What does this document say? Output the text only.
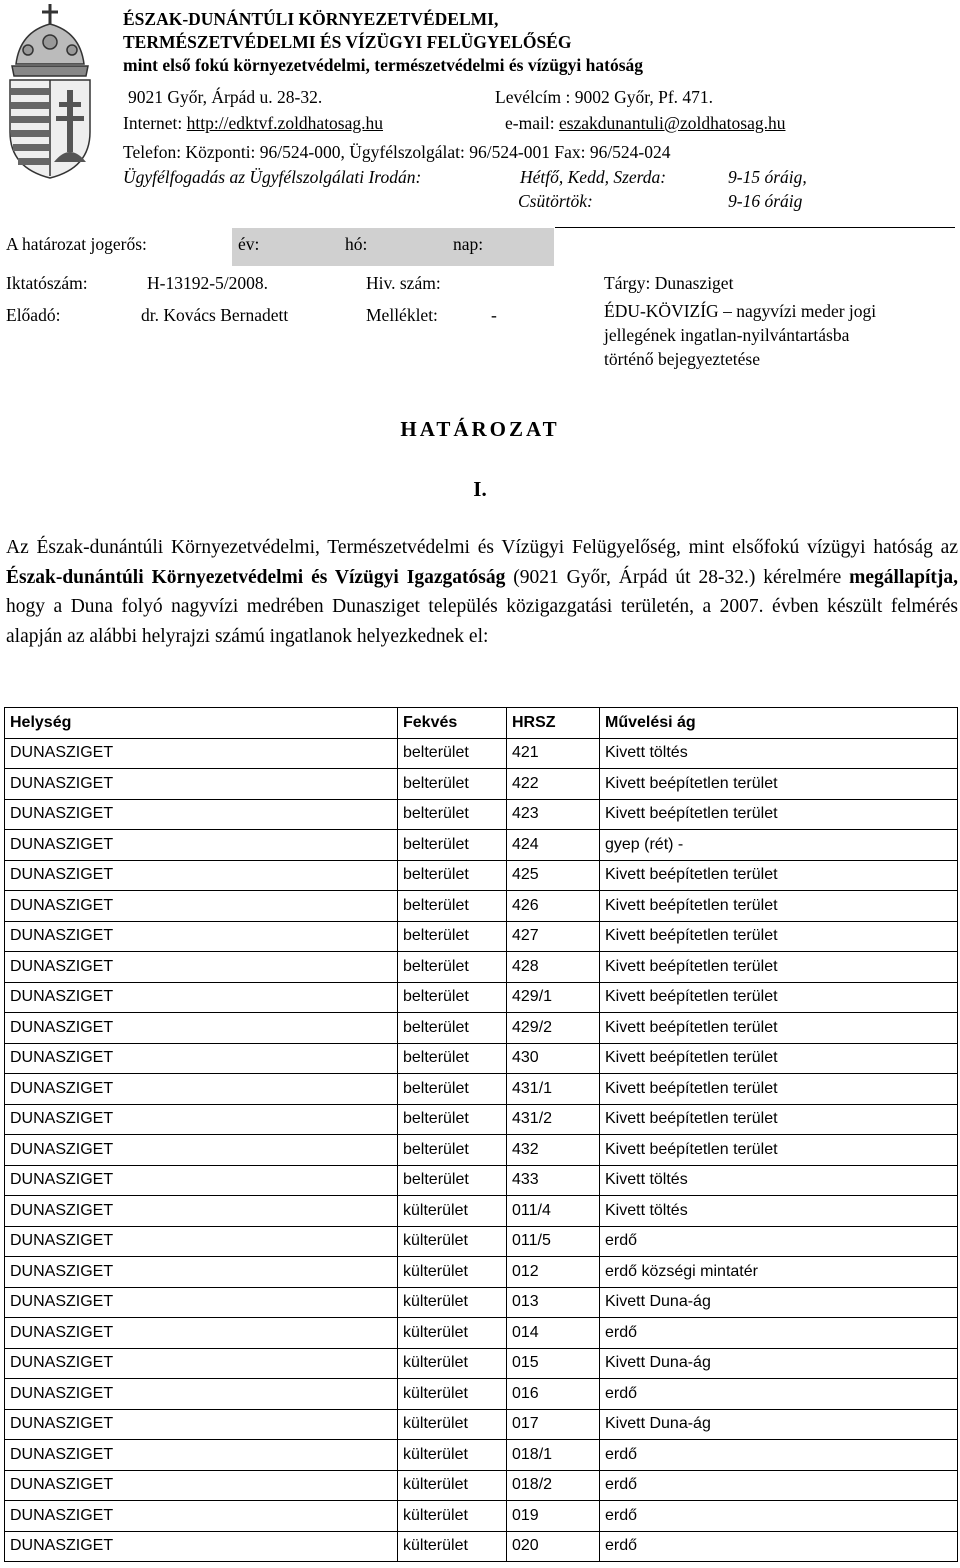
ÉSZAK-DUNÁNTÚLI KÖRNYEZETVÉDELMI,
TERMÉSZETVÉDELMI ÉS VÍZÜGYI FELÜGYELŐSÉG
mint első fokú környezetvédelmi, természetvédelmi és vízügyi hatóság
9021 Győr, Árpád u. 28-32.	Levélcím : 9002 Győr, Pf. 471.
Internet: http://edktvf.zoldhatosag.hu	e-mail: eszakdunantuli@zoldhatosag.hu
Telefon: Központi: 96/524-000, Ügyfélszolgálat: 96/524-001 Fax: 96/524-024
Ügyfélfogadás az Ügyfélszolgálati Irodán:	Hétfő, Kedd, Szerda:	9-15 óráig,
Csütörtök:	9-16 óráig
A határozat jogerős:	év:	hó:	nap:
Iktatószám:	H-13192-5/2008.	Hiv. szám:	Tárgy: Dunasziget
Előadó:	dr. Kovács Bernadett	Melléklet:	-	ÉDU-KÖVIZÍG – nagyvízi meder jogi
jellegének ingatlan-nyilvántartásba
történő bejegyeztetése
HATÁROZAT
I.
Az Észak-dunántúli Környezetvédelmi, Természetvédelmi és Vízügyi Felügyelőség, mint elsőfokú vízügyi hatóság az Észak-dunántúli Környezetvédelmi és Vízügyi Igazgatóság (9021 Győr, Árpád út 28-32.) kérelmére megállapítja, hogy a Duna folyó nagyvízi medrében Dunasziget település közigazgatási területén, a 2007. évben készült felmérés alapján az alábbi helyrajzi számú ingatlanok helyezkednek el:
Helység	Fekvés	HRSZ	Művelési ág
DUNASZIGET	belterület	421	Kivett töltés
DUNASZIGET	belterület	422	Kivett beépítetlen terület
DUNASZIGET	belterület	423	Kivett beépítetlen terület
DUNASZIGET	belterület	424	gyep (rét) -
DUNASZIGET	belterület	425	Kivett beépítetlen terület
DUNASZIGET	belterület	426	Kivett beépítetlen terület
DUNASZIGET	belterület	427	Kivett beépítetlen terület
DUNASZIGET	belterület	428	Kivett beépítetlen terület
DUNASZIGET	belterület	429/1	Kivett beépítetlen terület
DUNASZIGET	belterület	429/2	Kivett beépítetlen terület
DUNASZIGET	belterület	430	Kivett beépítetlen terület
DUNASZIGET	belterület	431/1	Kivett beépítetlen terület
DUNASZIGET	belterület	431/2	Kivett beépítetlen terület
DUNASZIGET	belterület	432	Kivett beépítetlen terület
DUNASZIGET	belterület	433	Kivett töltés
DUNASZIGET	külterület	011/4	Kivett töltés
DUNASZIGET	külterület	011/5	erdő
DUNASZIGET	külterület	012	erdő községi mintatér
DUNASZIGET	külterület	013	Kivett Duna-ág
DUNASZIGET	külterület	014	erdő
DUNASZIGET	külterület	015	Kivett Duna-ág
DUNASZIGET	külterület	016	erdő
DUNASZIGET	külterület	017	Kivett Duna-ág
DUNASZIGET	külterület	018/1	erdő
DUNASZIGET	külterület	018/2	erdő
DUNASZIGET	külterület	019	erdő
DUNASZIGET	külterület	020	erdő
